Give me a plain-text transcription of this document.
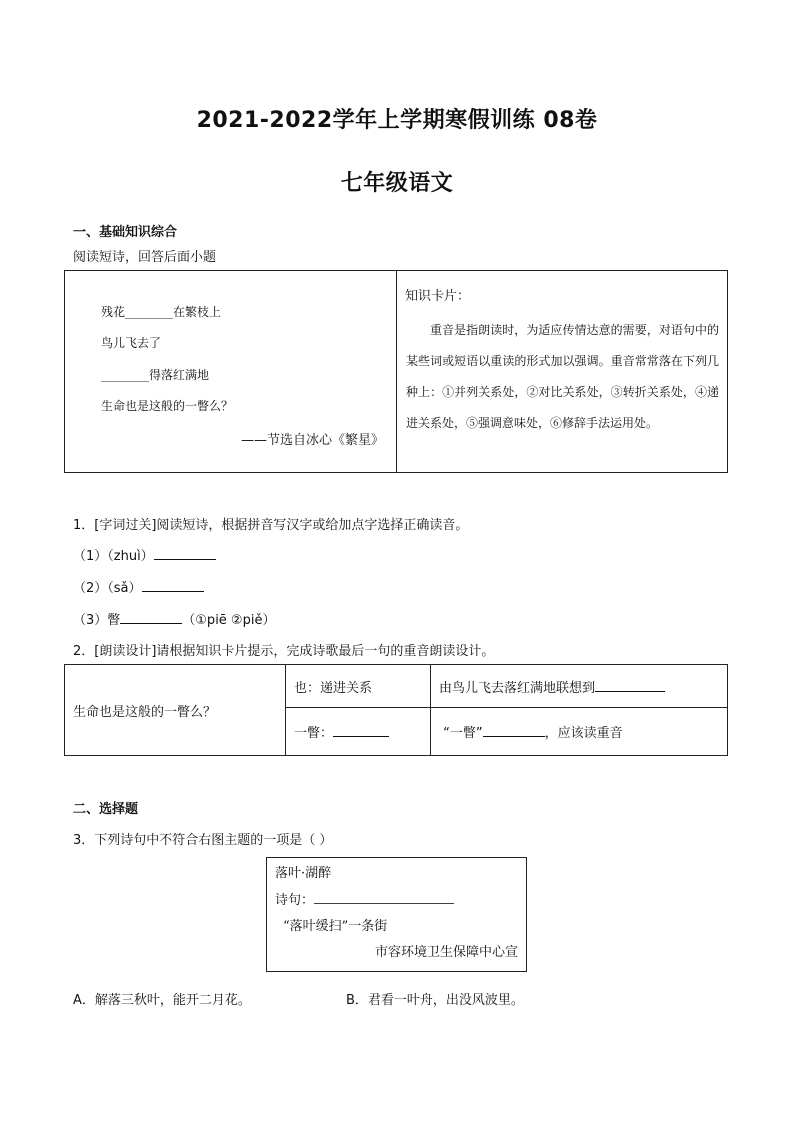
2021-2022学年上学期寒假训练 08卷
七年级语文
一、基础知识综合
阅读短诗，回答后面小题
残花________在繁枝上
鸟儿飞去了
________得落红满地
生命也是这般的一瞥么？
——节选自冰心《繁星》
知识卡片：
重音是指朗读时，为适应传情达意的需要，对语句中的某些词或短语以重读的形式加以强调。重音常常落在下列几种上：①并列关系处，②对比关系处，③转折关系处，④递进关系处，⑤强调意味处，⑥修辞手法运用处。
1．[字词过关]阅读短诗，根据拼音写汉字或给加点字选择正确读音。
（1）（zhuì）
（2）（sǎ）
（3）瞥	（①piē ②piě）
2．[朗读设计]请根据知识卡片提示，完成诗歌最后一句的重音朗读设计。
生命也是这般的一瞥么？	也：递进关系	由鸟儿飞去落红满地联想到
	一瞥：	“一瞥” ，应该读重音
二、选择题
3．下列诗句中不符合右图主题的一项是（ ）
落叶·湖醉
诗句：
“落叶缓扫”一条街
市容环境卫生保障中心宣
A．解落三秋叶，能开二月花。	B．君看一叶舟，出没风波里。
